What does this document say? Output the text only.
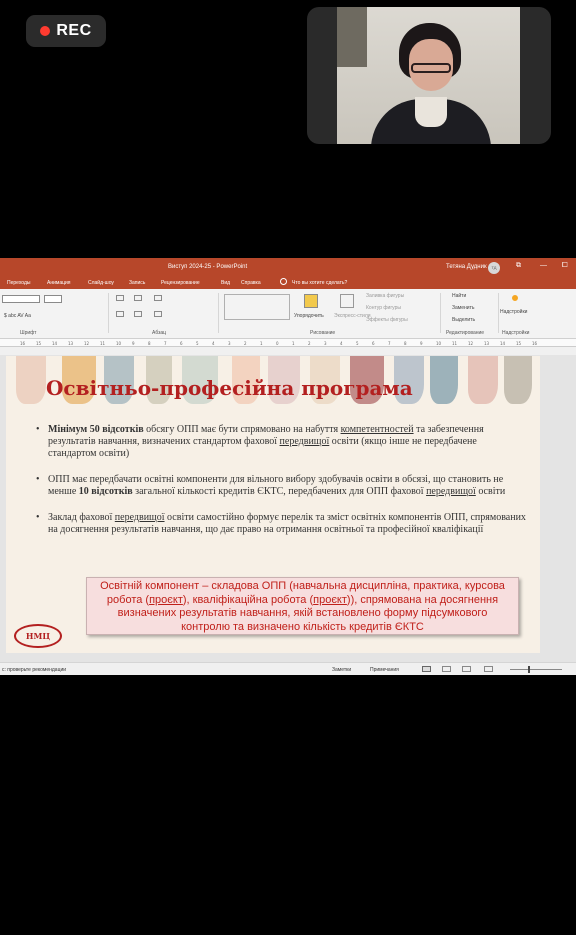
REC
Виступ 2024-25 - PowerPoint	Тетяна Дудник	ТД	⧉	— ⧠
Переходы	Анимация	Слайд-шоу	Запись	Рецензирование	Вид Справка	Что вы хотите сделать?
$ abc AV Aa
Шрифт	Абзац
Упорядочить Экспресс-стили
Заливка фигуры
Контур фигуры
Эффекты фигуры
Рисование
Найти
Заменить
Выделить
Редактирование
Надстройки
Надстройки
16	15	14	13	12	11	10	9	8	7	6	5	4	3	2	1	0	1	2	3	4	5	6	7	8	9	10	11	12	13	14	15	16
Освітньо-професійна програма
• Мінімум 50 відсотків обсягу ОПП має бути спрямовано на набуття компетентностей та забезпечення результатів навчання, визначених стандартом фахової передвищої освіти (якщо інше не передбачене стандартом освіти)
• ОПП має передбачати освітні компоненти для вільного вибору здобувачів освіти в обсязі, що становить не менше 10 відсотків загальної кількості кредитів ЄКТС, передбачених для ОПП фахової передвищої освіти
• Заклад фахової передвищої освіти самостійно формує перелік та зміст освітніх компонентів ОПП, спрямованих на досягнення результатів навчання, що дає право на отримання освітньої та професійної кваліфікації
Освітній компонент – складова ОПП (навчальна дисципліна, практика, курсова
робота (проєкт), кваліфікаційна робота (проєкт)), спрямована на досягнення
визначених результатів навчання, якій встановлено форму підсумкового
контролю та визначено кількість кредитів ЄКТС
НМЦ
с: проверьте рекомендации	Заметки	Примечания
